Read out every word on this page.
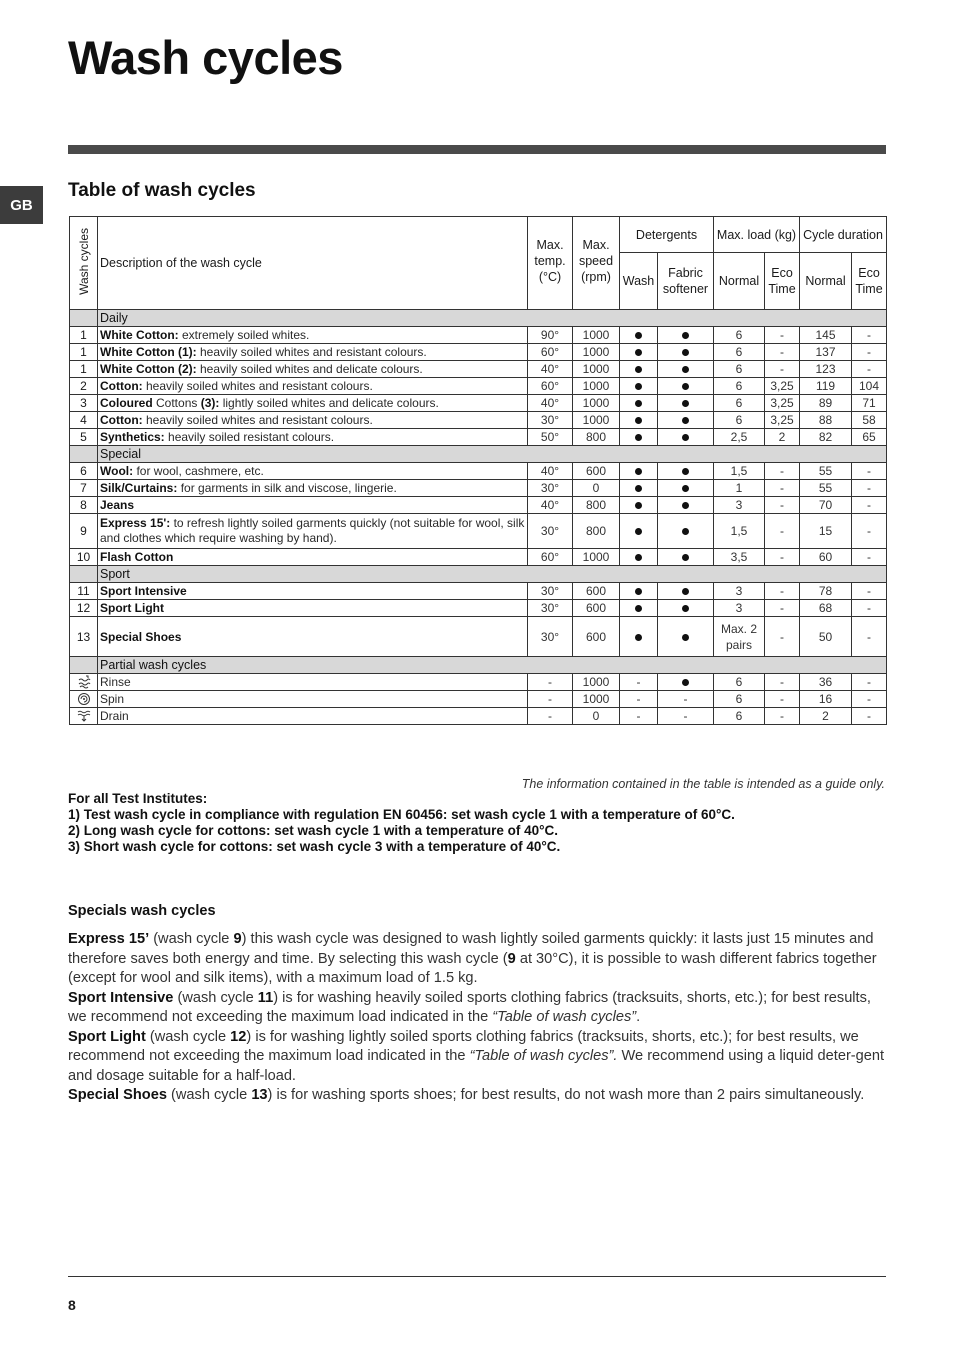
Wash cycles
GB
Table of wash cycles
Wash cycles	Description of the wash cycle	Max. temp. (°C)	Max. speed (rpm)	Detergents		Max. load (kg)		Cycle duration	
				Wash	Fabric softener	Normal	Eco Time	Normal	Eco Time
	Daily								
1	White Cotton: extremely soiled whites.	90°	1000			6	-	145	-
1	White Cotton (1): heavily soiled whites and resistant colours.	60°	1000			6	-	137	-
1	White Cotton (2): heavily soiled whites and delicate colours.	40°	1000			6	-	123	-
2	Cotton: heavily soiled whites and resistant colours.	60°	1000			6	3,25	119	104
3	Coloured Cottons (3): lightly soiled whites and delicate colours.	40°	1000			6	3,25	89	71
4	Cotton: heavily soiled whites and resistant colours.	30°	1000			6	3,25	88	58
5	Synthetics: heavily soiled resistant colours.	50°	800			2,5	2	82	65
	Special								
6	Wool: for wool, cashmere, etc.	40°	600			1,5	-	55	-
7	Silk/Curtains: for garments in silk and viscose, lingerie.	30°	0			1	-	55	-
8	Jeans	40°	800			3	-	70	-
9	Express 15': to refresh lightly soiled garments quickly (not suitable for wool, silk and clothes which require washing by hand).	30°	800			1,5	-	15	-
10	Flash Cotton	60°	1000			3,5	-	60	-
	Sport								
11	Sport Intensive	30°	600			3	-	78	-
12	Sport Light	30°	600			3	-	68	-
13	Special Shoes	30°	600			Max. 2 pairs	-	50	-
	Partial wash cycles								

	Rinse	-	1000	-		6	-	36	-

	Spin	-	1000	-	-	6	-	16	-

	Drain	-	0	-	-	6	-	2	-
The information contained in the table is intended as a guide only.
For all Test Institutes:
1) Test wash cycle in compliance with regulation EN 60456: set wash cycle 1 with a temperature of 60°C.
2) Long wash cycle for cottons: set wash cycle 1 with a temperature of 40°C.
3) Short wash cycle for cottons: set wash cycle 3 with a temperature of 40°C.
Specials wash cycles

Express 15’ (wash cycle 9) this wash cycle was designed to wash lightly soiled garments quickly: it lasts just 15 minutes and therefore saves both energy and time. By selecting this wash cycle (9 at 30°C), it is possible to wash different fabrics together (except for wool and silk items), with a maximum load of 1.5 kg.

Sport Intensive (wash cycle 11) is for washing heavily soiled sports clothing fabrics (tracksuits, shorts, etc.); for best results, we recommend not exceeding the maximum load indicated in the “Table of wash cycles”.

Sport Light (wash cycle 12) is for washing lightly soiled sports clothing fabrics (tracksuits, shorts, etc.); for best results, we recommend not exceeding the maximum load indicated in the “Table of wash cycles”. We recommend using a liquid deter-gent and dosage suitable for a half-load.

Special Shoes (wash cycle 13) is for washing sports shoes; for best results, do not wash more than 2 pairs simultaneously.

8
